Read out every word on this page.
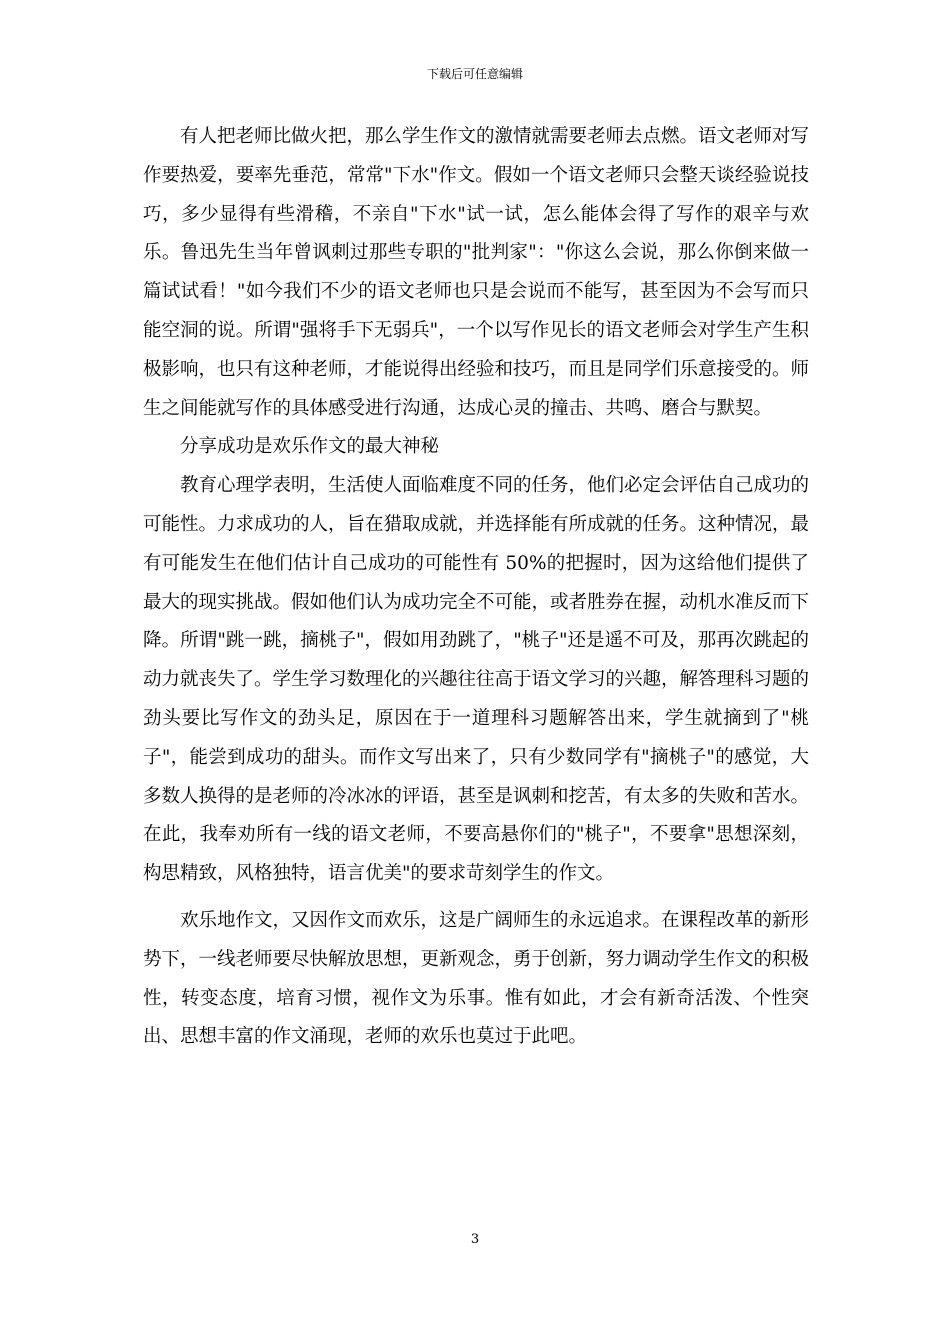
下载后可任意编辑

有人把老师比做火把，那么学生作文的激情就需要老师去点燃。语文老师对写作要热爱，要率先垂范，常常"下水"作文。假如一个语文老师只会整天谈经验说技巧，多少显得有些滑稽，不亲自"下水"试一试，怎么能体会得了写作的艰辛与欢乐。鲁迅先生当年曾讽刺过那些专职的"批判家"："你这么会说，那么你倒来做一篇试试看！"如今我们不少的语文老师也只是会说而不能写，甚至因为不会写而只能空洞的说。所谓"强将手下无弱兵"，一个以写作见长的语文老师会对学生产生积极影响，也只有这种老师，才能说得出经验和技巧，而且是同学们乐意接受的。师生之间能就写作的具体感受进行沟通，达成心灵的撞击、共鸣、磨合与默契。

分享成功是欢乐作文的最大神秘

教育心理学表明，生活使人面临难度不同的任务，他们必定会评估自己成功的可能性。力求成功的人，旨在猎取成就，并选择能有所成就的任务。这种情况，最有可能发生在他们估计自己成功的可能性有 50%的把握时，因为这给他们提供了最大的现实挑战。假如他们认为成功完全不可能，或者胜券在握，动机水准反而下降。所谓"跳一跳，摘桃子"，假如用劲跳了，"桃子"还是遥不可及，那再次跳起的动力就丧失了。学生学习数理化的兴趣往往高于语文学习的兴趣，解答理科习题的劲头要比写作文的劲头足，原因在于一道理科习题解答出来，学生就摘到了"桃子"，能尝到成功的甜头。而作文写出来了，只有少数同学有"摘桃子"的感觉，大多数人换得的是老师的冷冰冰的评语，甚至是讽刺和挖苦，有太多的失败和苦水。在此，我奉劝所有一线的语文老师，不要高悬你们的"桃子"，不要拿"思想深刻，构思精致，风格独特，语言优美"的要求苛刻学生的作文。

欢乐地作文，又因作文而欢乐，这是广阔师生的永远追求。在课程改革的新形势下，一线老师要尽快解放思想，更新观念，勇于创新，努力调动学生作文的积极性，转变态度，培育习惯，视作文为乐事。惟有如此，才会有新奇活泼、个性突出、思想丰富的作文涌现，老师的欢乐也莫过于此吧。

3
